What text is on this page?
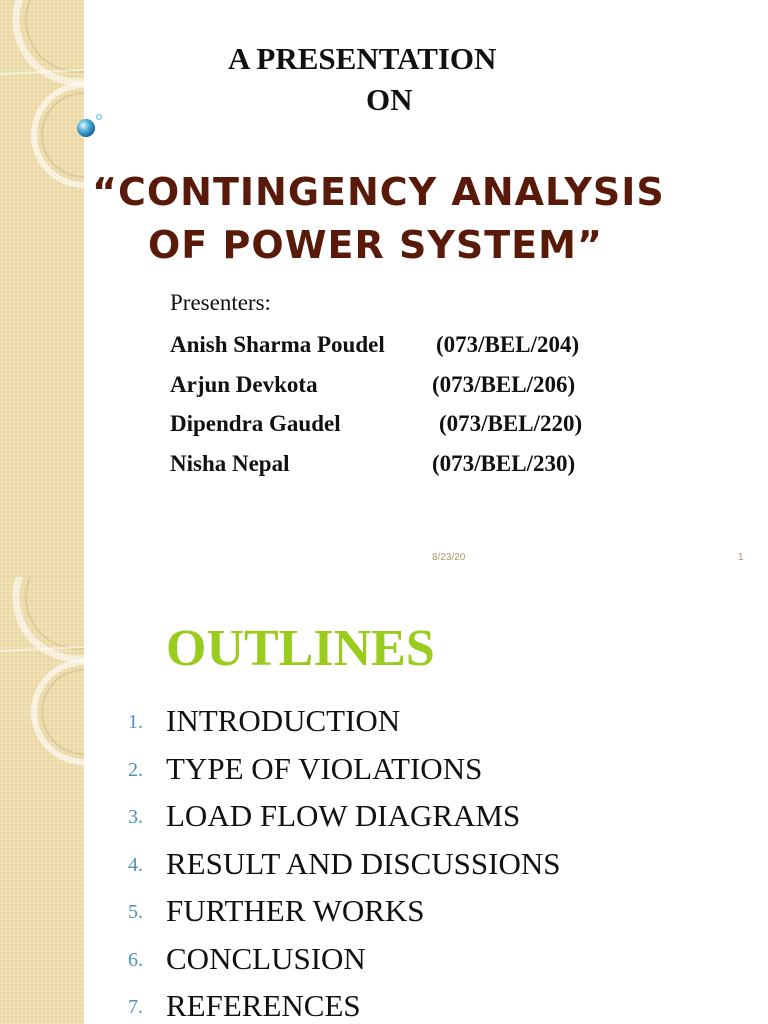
A PRESENTATION
ON
“CONTINGENCY ANALYSIS
OF POWER SYSTEM”
Presenters:
Anish Sharma Poudel (073/BEL/204)
Arjun Devkota	(073/BEL/206)
Dipendra Gaudel	(073/BEL/220)
Nisha Nepal	(073/BEL/230)
8/23/20	1
OUTLINES
1. INTRODUCTION
2. TYPE OF VIOLATIONS
3. LOAD FLOW DIAGRAMS
4. RESULT AND DISCUSSIONS
5. FURTHER WORKS
6. CONCLUSION
7. REFERENCES
